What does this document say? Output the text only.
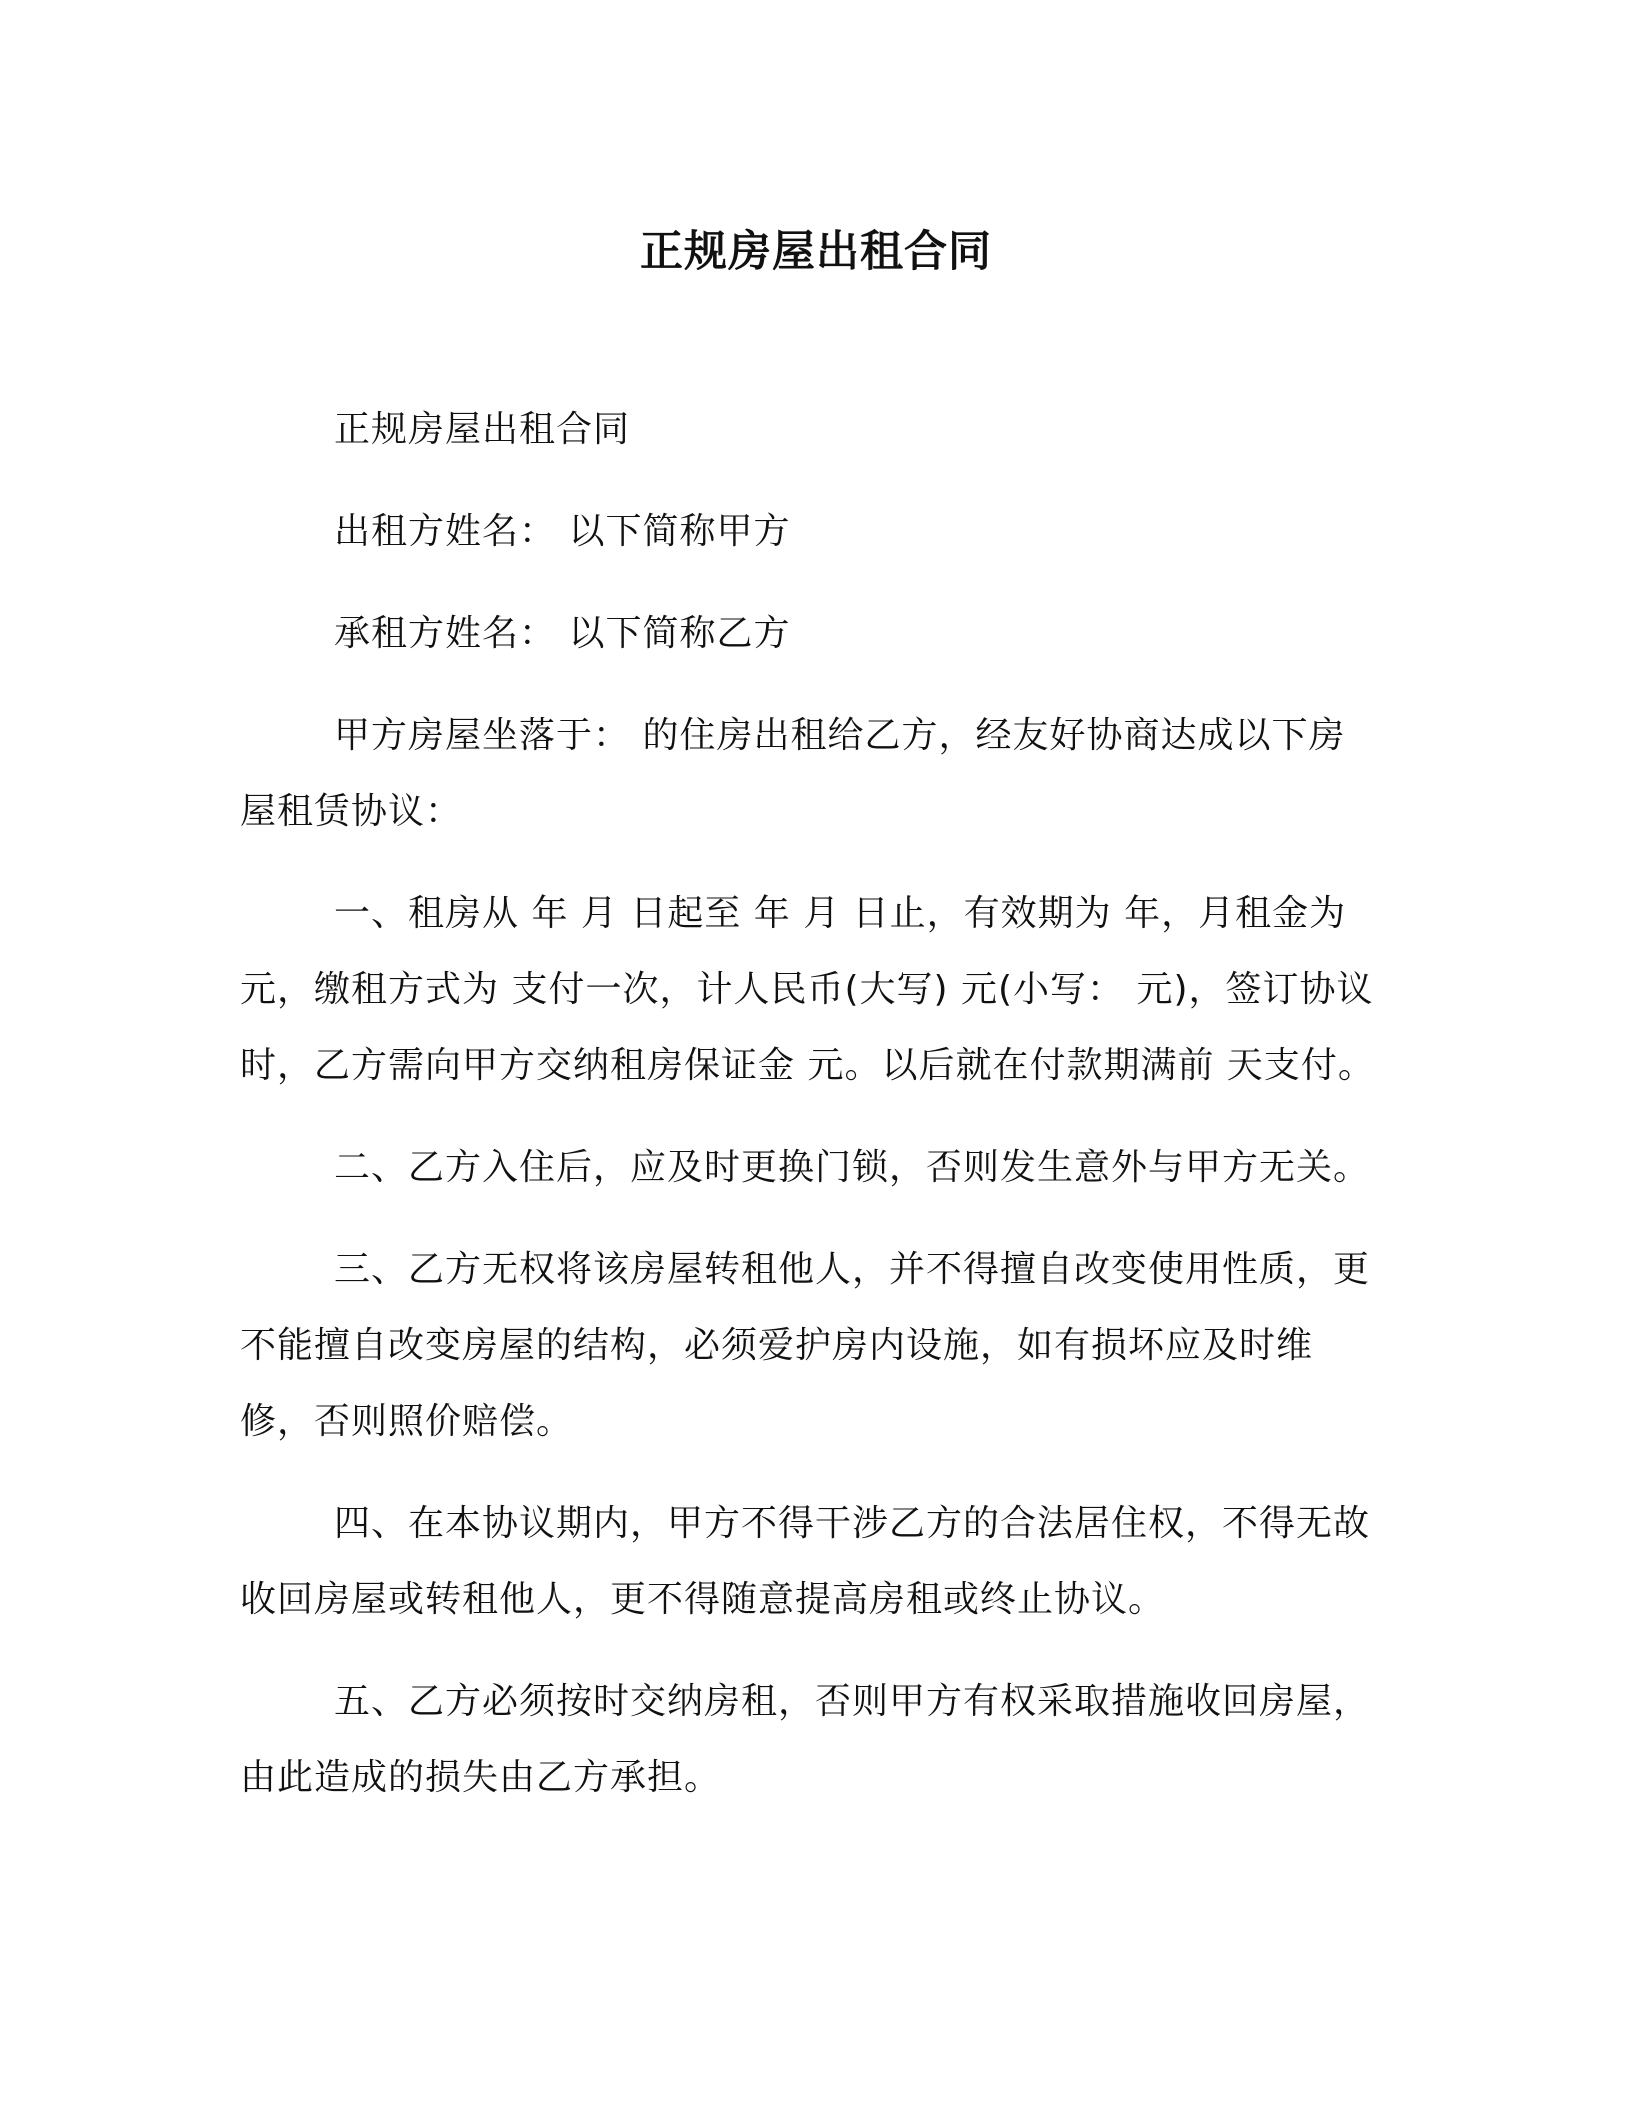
正规房屋出租合同

正规房屋出租合同

出租方姓名： 以下简称甲方

承租方姓名： 以下简称乙方

甲方房屋坐落于： 的住房出租给乙方，经友好协商达成以下房屋租赁协议：

一、租房从 年 月 日起至 年 月 日止，有效期为 年，月租金为 元，缴租方式为 支付一次，计人民币(大写) 元(小写： 元)，签订协议时，乙方需向甲方交纳租房保证金 元。以后就在付款期满前 天支付。

二、乙方入住后，应及时更换门锁，否则发生意外与甲方无关。

三、乙方无权将该房屋转租他人，并不得擅自改变使用性质，更不能擅自改变房屋的结构，必须爱护房内设施，如有损坏应及时维修，否则照价赔偿。

四、在本协议期内，甲方不得干涉乙方的合法居住权，不得无故收回房屋或转租他人，更不得随意提高房租或终止协议。

五、乙方必须按时交纳房租，否则甲方有权采取措施收回房屋，由此造成的损失由乙方承担。
